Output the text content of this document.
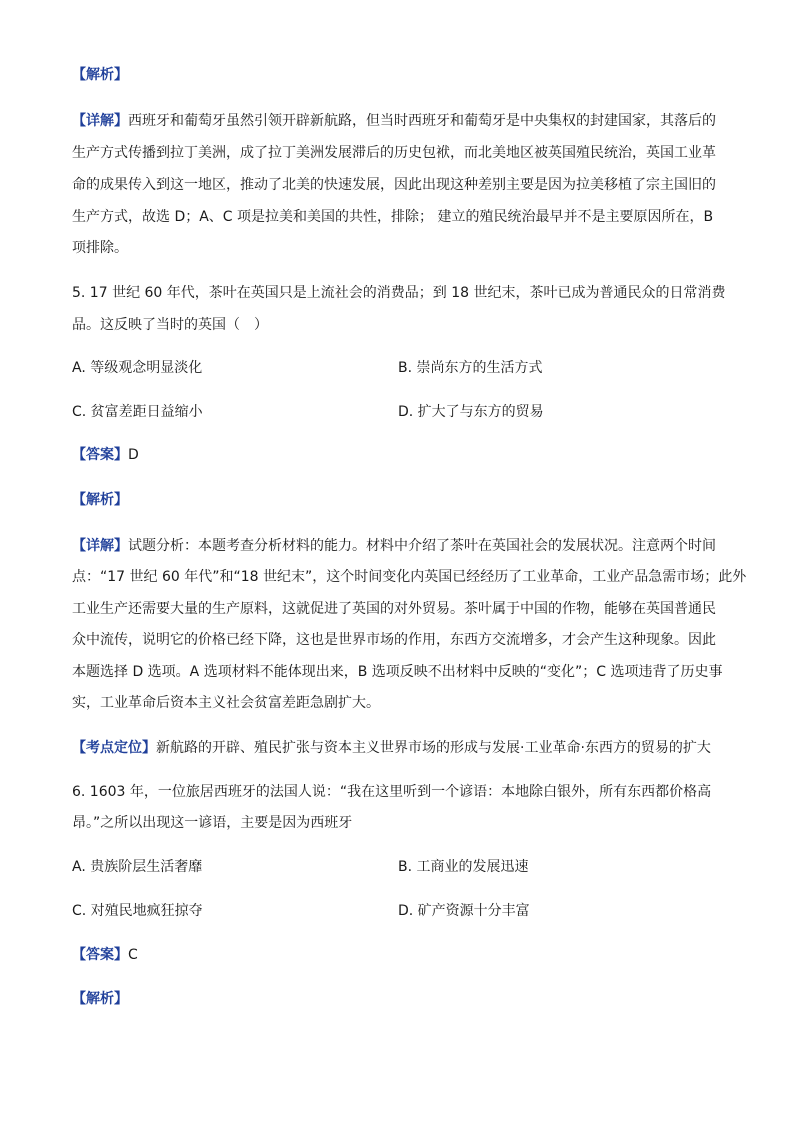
【解析】
【详解】西班牙和葡萄牙虽然引领开辟新航路，但当时西班牙和葡萄牙是中央集权的封建国家，其落后的
生产方式传播到拉丁美洲，成了拉丁美洲发展滞后的历史包袱，而北美地区被英国殖民统治，英国工业革
命的成果传入到这一地区，推动了北美的快速发展，因此出现这种差别主要是因为拉美移植了宗主国旧的
生产方式，故选 D；A、C 项是拉美和美国的共性，排除； 建立的殖民统治最早并不是主要原因所在，B
项排除。
5. 17 世纪 60 年代，茶叶在英国只是上流社会的消费品；到 18 世纪末，茶叶已成为普通民众的日常消费
品。这反映了当时的英国（　）
A. 等级观念明显淡化	B. 崇尚东方的生活方式
C. 贫富差距日益缩小	D. 扩大了与东方的贸易
【答案】D
【解析】
【详解】试题分析：本题考查分析材料的能力。材料中介绍了茶叶在英国社会的发展状况。注意两个时间
点：“17 世纪 60 年代”和“18 世纪末”，这个时间变化内英国已经经历了工业革命，工业产品急需市场；此外
工业生产还需要大量的生产原料，这就促进了英国的对外贸易。茶叶属于中国的作物，能够在英国普通民
众中流传，说明它的价格已经下降，这也是世界市场的作用，东西方交流增多，才会产生这种现象。因此
本题选择 D 选项。A 选项材料不能体现出来，B 选项反映不出材料中反映的“变化”；C 选项违背了历史事
实，工业革命后资本主义社会贫富差距急剧扩大。
【考点定位】新航路的开辟、殖民扩张与资本主义世界市场的形成与发展·工业革命·东西方的贸易的扩大
6. 1603 年，一位旅居西班牙的法国人说：“我在这里听到一个谚语：本地除白银外，所有东西都价格高
昂。”之所以出现这一谚语，主要是因为西班牙
A. 贵族阶层生活奢靡	B. 工商业的发展迅速
C. 对殖民地疯狂掠夺	D. 矿产资源十分丰富
【答案】C
【解析】
